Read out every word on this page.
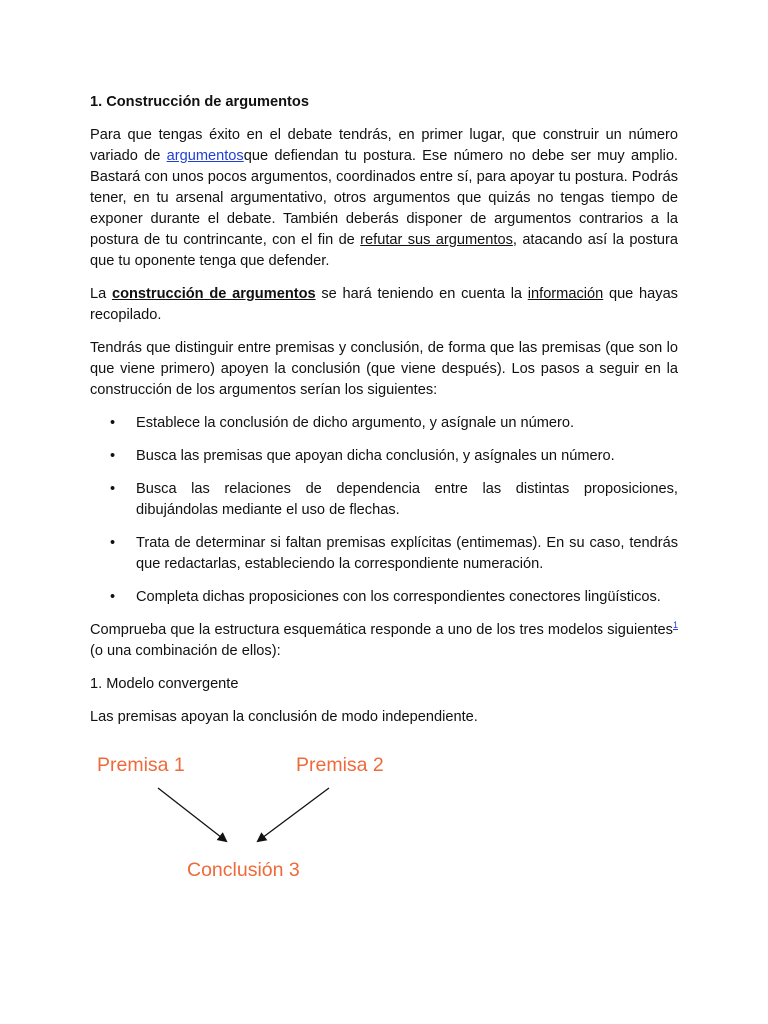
1. Construcción de argumentos

Para que tengas éxito en el debate tendrás, en primer lugar, que construir un número variado de argumentosque defiendan tu postura. Ese número no debe ser muy amplio. Bastará con unos pocos argumentos, coordinados entre sí, para apoyar tu postura. Podrás tener, en tu arsenal argumentativo, otros argumentos que quizás no tengas tiempo de exponer durante el debate. También deberás disponer de argumentos contrarios a la postura de tu contrincante, con el fin de refutar sus argumentos, atacando así la postura que tu oponente tenga que defender.

La construcción de argumentos se hará teniendo en cuenta la información que hayas recopilado.

Tendrás que distinguir entre premisas y conclusión, de forma que las premisas (que son lo que viene primero) apoyen la conclusión (que viene después). Los pasos a seguir en la construcción de los argumentos serían los siguientes:

• Establece la conclusión de dicho argumento, y asígnale un número.
• Busca las premisas que apoyan dicha conclusión, y asígnales un número.
• Busca las relaciones de dependencia entre las distintas proposiciones, dibujándolas mediante el uso de flechas.
• Trata de determinar si faltan premisas explícitas (entimemas). En su caso, tendrás que redactarlas, estableciendo la correspondiente numeración.
• Completa dichas proposiciones con los correspondientes conectores lingüísticos.

Comprueba que la estructura esquemática responde a uno de los tres modelos siguientes$^1$ (o una combinación de ellos):

1. Modelo convergente

Las premisas apoyan la conclusión de modo independiente.

Premisa 1	Premisa 2
Conclusión 3
